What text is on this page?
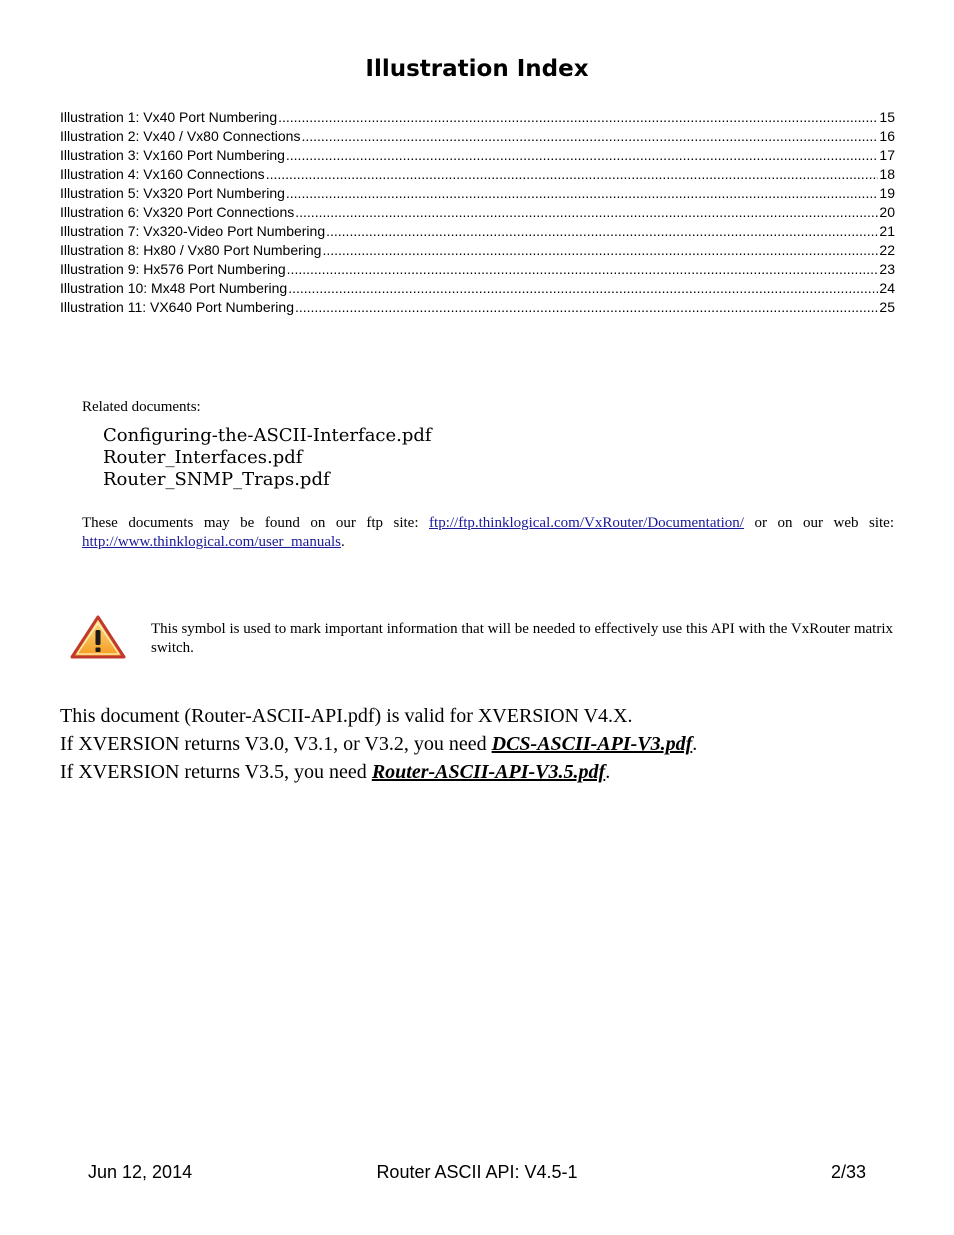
Illustration Index
Illustration 1: Vx40 Port Numbering .....	15
Illustration 2: Vx40 / Vx80 Connections .....	16
Illustration 3: Vx160 Port Numbering .....	17
Illustration 4: Vx160 Connections .....	18
Illustration 5: Vx320 Port Numbering .....	19
Illustration 6: Vx320 Port Connections .....	20
Illustration 7: Vx320-Video Port Numbering .....	21
Illustration 8: Hx80 / Vx80 Port Numbering .....	22
Illustration 9: Hx576 Port Numbering .....	23
Illustration 10: Mx48 Port Numbering .....	24
Illustration 11: VX640 Port Numbering .....	25
Related documents:
Configuring-the-ASCII-Interface.pdf
Router_Interfaces.pdf
Router_SNMP_Traps.pdf
These documents may be found on our ftp site: ftp://ftp.thinklogical.com/VxRouter/Documentation/ or on our web site: http://www.thinklogical.com/user_manuals.
This symbol is used to mark important information that will be needed to effectively use this API with the VxRouter matrix switch.
This document (Router-ASCII-API.pdf) is valid for XVERSION V4.X.
If XVERSION returns V3.0, V3.1, or V3.2, you need DCS-ASCII-API-V3.pdf.
If XVERSION returns V3.5, you need Router-ASCII-API-V3.5.pdf.
Jun 12, 2014	Router ASCII API: V4.5-1	2/33
